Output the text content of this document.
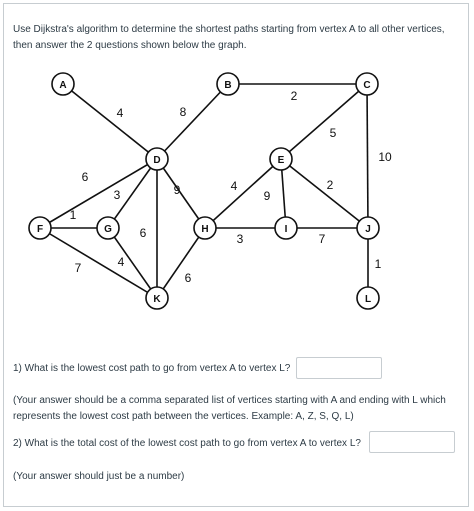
Use Dijkstra's algorithm to determine the shortest paths starting from vertex A to all other vertices, then answer the 2 questions shown below the graph.
4	8
2
5
10
6
3
6
9	4
3
6
9
2
7
1
7	4	1
A	B	C
D	E
F	G	H	I	J
K	L
1) What is the lowest cost path to go from vertex A to vertex L?
(Your answer should be a comma separated list of vertices starting with A and ending with L which represents the lowest cost path between the vertices. Example: A, Z, S, Q, L)
2) What is the total cost of the lowest cost path to go from vertex A to vertex L?
(Your answer should just be a number)
